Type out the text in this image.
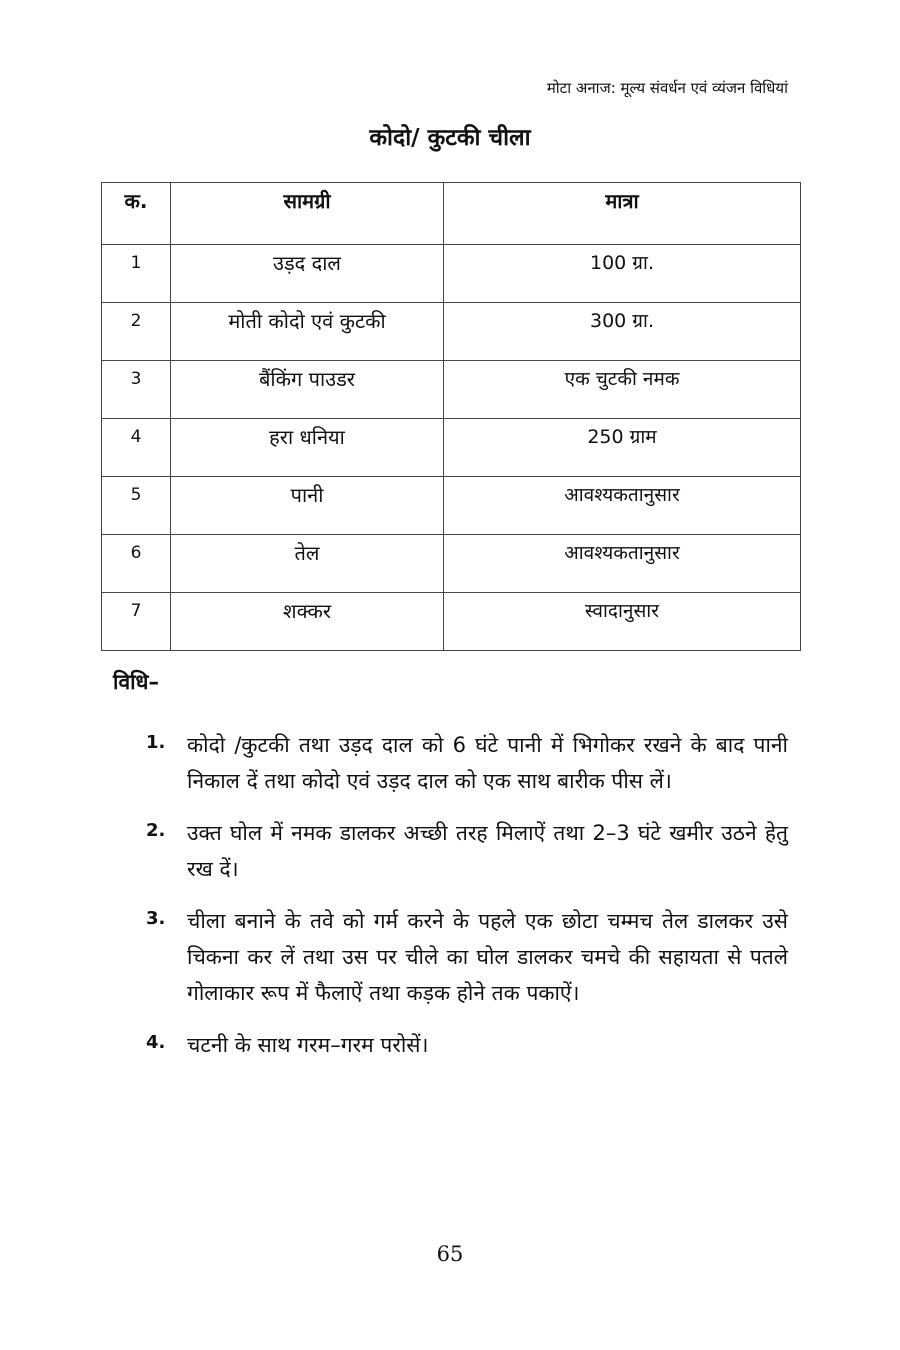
मोटा अनाज: मूल्य संवर्धन एवं व्यंजन विधियां
कोदो/ कुटकी चीला
क.	सामग्री	मात्रा
1	उड़द दाल	100 ग्रा.
2	मोती कोदो एवं कुटकी	300 ग्रा.
3	बैंकिंग पाउडर	एक चुटकी नमक
4	हरा धनिया	250 ग्राम
5	पानी	आवश्यकतानुसार
6	तेल	आवश्यकतानुसार
7	शक्कर	स्वादानुसार
विधि–
1.	कोदो /कुटकी तथा उड़द दाल को 6 घंटे पानी में भिगोकर रखने के बाद पानी निकाल दें तथा कोदो एवं उड़द दाल को एक साथ बारीक पीस लें।
2.	उक्त घोल में नमक डालकर अच्छी तरह मिलाऐं तथा 2–3 घंटे खमीर उठने हेतु रख दें।
3.	चीला बनाने के तवे को गर्म करने के पहले एक छोटा चम्मच तेल डालकर उसे चिकना कर लें तथा उस पर चीले का घोल डालकर चमचे की सहायता से पतले गोलाकार रूप में फैलाऐं तथा कड़क होने तक पकाऐं।
4.	चटनी के साथ गरम–गरम परोसें।
65
